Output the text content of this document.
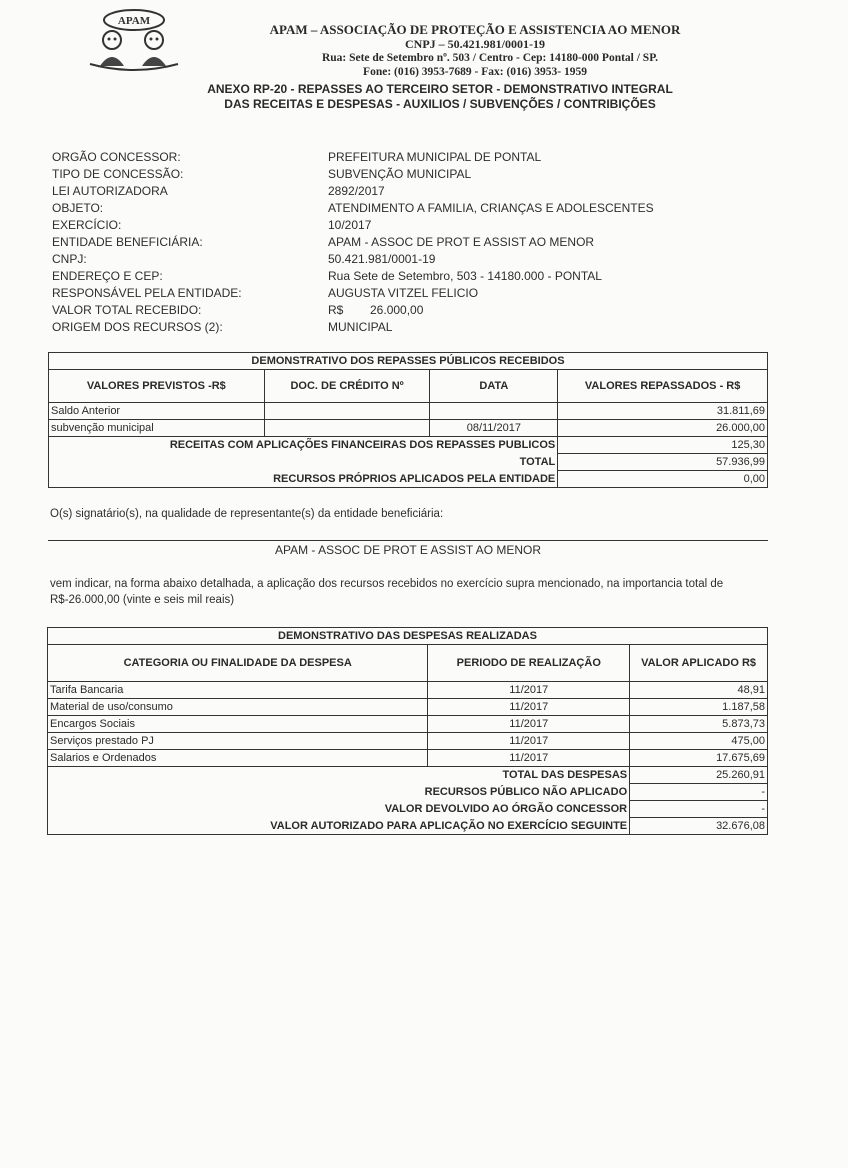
APAM
APAM – ASSOCIAÇÃO DE PROTEÇÃO E ASSISTENCIA AO MENOR
CNPJ – 50.421.981/0001-19
Rua: Sete de Setembro nº. 503 / Centro - Cep: 14180-000 Pontal / SP.
Fone: (016) 3953-7689 - Fax: (016) 3953- 1959
ANEXO RP-20 - REPASSES AO TERCEIRO SETOR - DEMONSTRATIVO INTEGRAL
DAS RECEITAS E DESPESAS - AUXILIOS / SUBVENÇÕES / CONTRIBIÇÕES
ORGÃO CONCESSOR:	PREFEITURA MUNICIPAL DE PONTAL
TIPO DE CONCESSÃO:	SUBVENÇÃO MUNICIPAL
LEI AUTORIZADORA	2892/2017
OBJETO:	ATENDIMENTO A FAMILIA, CRIANÇAS E ADOLESCENTES
EXERCÍCIO:	10/2017
ENTIDADE BENEFICIÁRIA:	APAM - ASSOC DE PROT E ASSIST AO MENOR
CNPJ:	50.421.981/0001-19
ENDEREÇO E CEP:	Rua Sete de Setembro, 503 - 14180.000 - PONTAL
RESPONSÁVEL PELA ENTIDADE:	AUGUSTA VITZEL FELICIO
VALOR TOTAL RECEBIDO:	R$        26.000,00
ORIGEM DOS RECURSOS (2):	MUNICIPAL
DEMONSTRATIVO DOS REPASSES PÚBLICOS RECEBIDOS			
VALORES PREVISTOS -R$	DOC. DE CRÉDITO Nº	DATA	VALORES REPASSADOS - R$
Saldo Anterior			31.811,69
subvenção municipal		08/11/2017	26.000,00
RECEITAS COM APLICAÇÕES FINANCEIRAS DOS REPASSES PUBLICOS			125,30
TOTAL			57.936,99
RECURSOS PRÓPRIOS APLICADOS PELA ENTIDADE			0,00
O(s) signatário(s), na qualidade de representante(s) da entidade beneficiária:
APAM - ASSOC DE PROT E ASSIST AO MENOR
vem indicar, na forma abaixo detalhada, a aplicação dos recursos recebidos no exercício supra mencionado, na importancia total de
R$-26.000,00 (vinte e seis mil reais)
DEMONSTRATIVO DAS DESPESAS REALIZADAS		
CATEGORIA OU FINALIDADE DA DESPESA	PERIODO DE REALIZAÇÃO	VALOR APLICADO R$
Tarifa Bancaria	11/2017	48,91
Material de uso/consumo	11/2017	1.187,58
Encargos Sociais	11/2017	5.873,73
Serviços prestado PJ	11/2017	475,00
Salarios e Ordenados	11/2017	17.675,69
TOTAL DAS DESPESAS		25.260,91
RECURSOS PÚBLICO NÃO APLICADO		-
VALOR DEVOLVIDO AO ÓRGÃO CONCESSOR		-
VALOR AUTORIZADO PARA APLICAÇÃO NO EXERCÍCIO SEGUINTE		32.676,08
